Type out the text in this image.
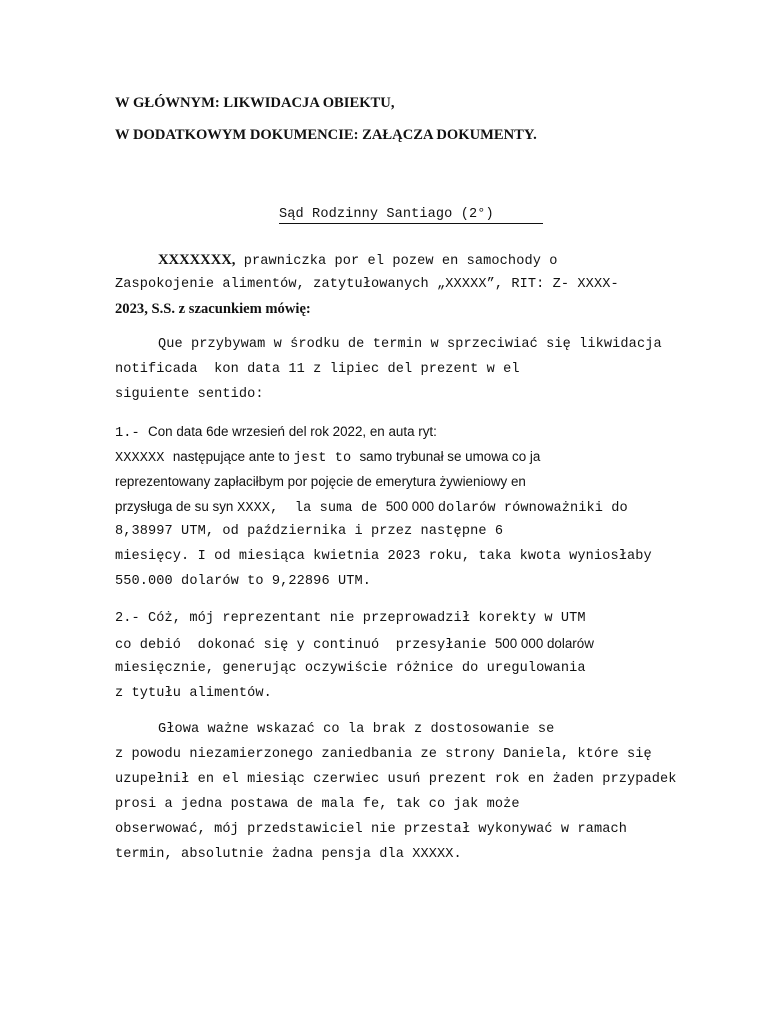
W GŁÓWNYM: LIKWIDACJA OBIEKTU,
W DODATKOWYM DOKUMENCIE: ZAŁĄCZA DOKUMENTY.

Sąd Rodzinny Santiago (2°)

XXXXXXX, prawniczka por el pozew en samochody o
Zaspokojenie alimentów, zatytułowanych „XXXXX”, RIT: Z- XXXX-
2023, S.S. z szacunkiem mówię:
Que przybywam w środku de termin w sprzeciwiać się likwidacja
notificada  kon data 11 z lipiec del prezent w el
siguiente sentido:
1.- Con data 6de wrzesień del rok 2022, en auta ryt:
XXXXXX następujące ante to jest to samo trybunał se umowa co ja
reprezentowany zapłaciłbym por pojęcie de emerytura żywieniowy en
przysługa de su syn XXXX,  la suma de 500 000 dolarów równoważniki do
8,38997 UTM, od października i przez następne 6
miesięcy. I od miesiąca kwietnia 2023 roku, taka kwota wyniosłaby
550.000 dolarów to 9,22896 UTM.
2.- Cóż, mój reprezentant nie przeprowadził korekty w UTM
co debió  dokonać się y continuó  przesyłanie 500 000 dolarów
miesięcznie, generując oczywiście różnice do uregulowania
z tytułu alimentów.
Głowa ważne wskazać co la brak z dostosowanie se
z powodu niezamierzonego zaniedbania ze strony Daniela, które się
uzupełnił en el miesiąc czerwiec usuń prezent rok en żaden przypadek
prosi a jedna postawa de mala fe, tak co jak może
obserwować, mój przedstawiciel nie przestał wykonywać w ramach
termin, absolutnie żadna pensja dla XXXXX.
